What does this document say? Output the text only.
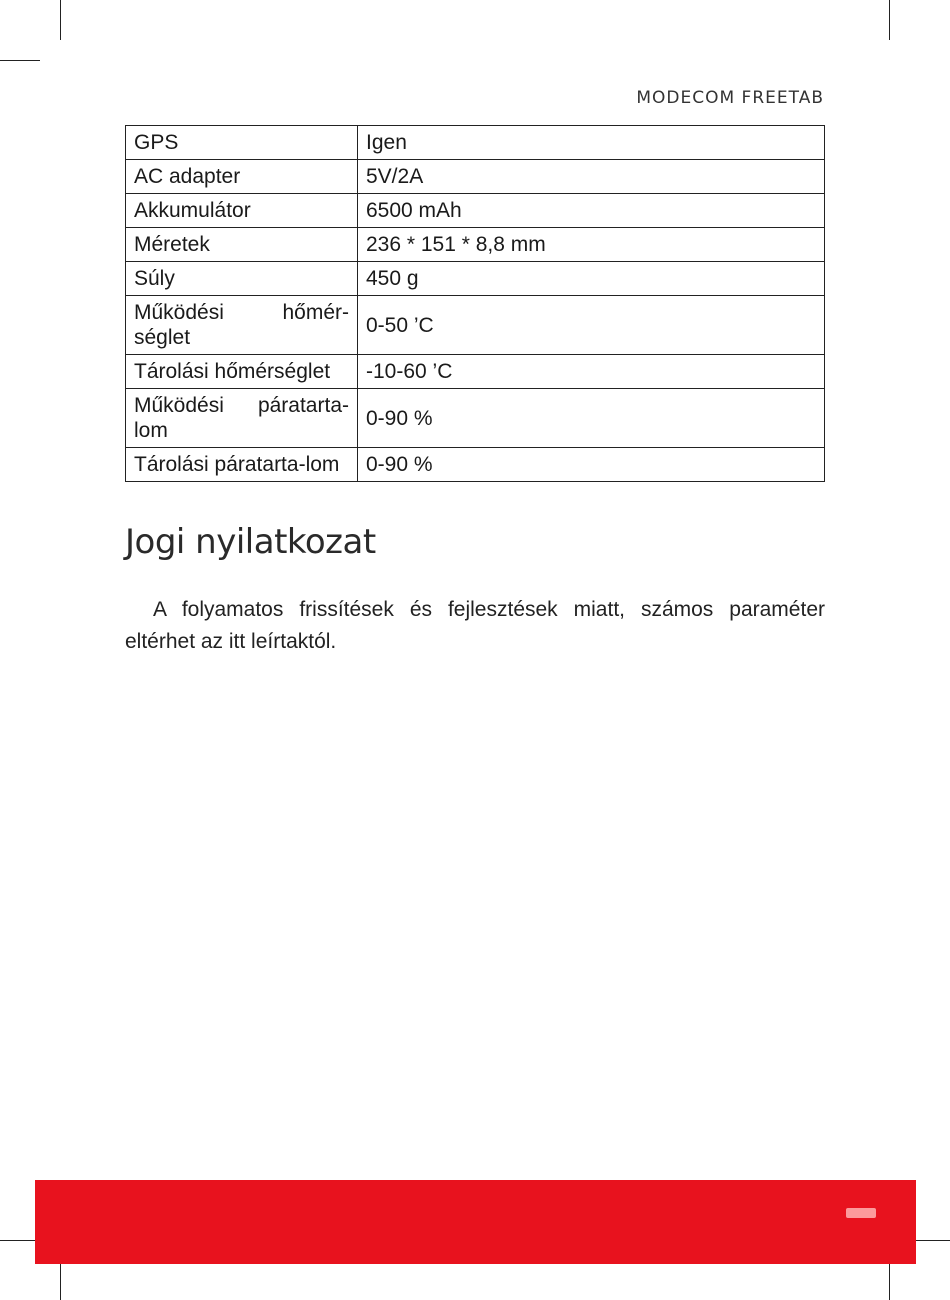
MODECOM FREETAB
GPS	Igen
AC adapter	5V/2A
Akkumulátor	6500 mAh
Méretek	236 * 151 * 8,8 mm
Súly	450 g
Működési hőmér-séglet	0-50 ’C
Tárolási hőmérséglet	-10-60 ’C
Működési páratarta-lom	0-90 %
Tárolási páratarta-lom	0-90 %
Jogi nyilatkozat

A folyamatos frissítések és fejlesztések miatt, számos paraméter eltérhet az itt leírtaktól.
